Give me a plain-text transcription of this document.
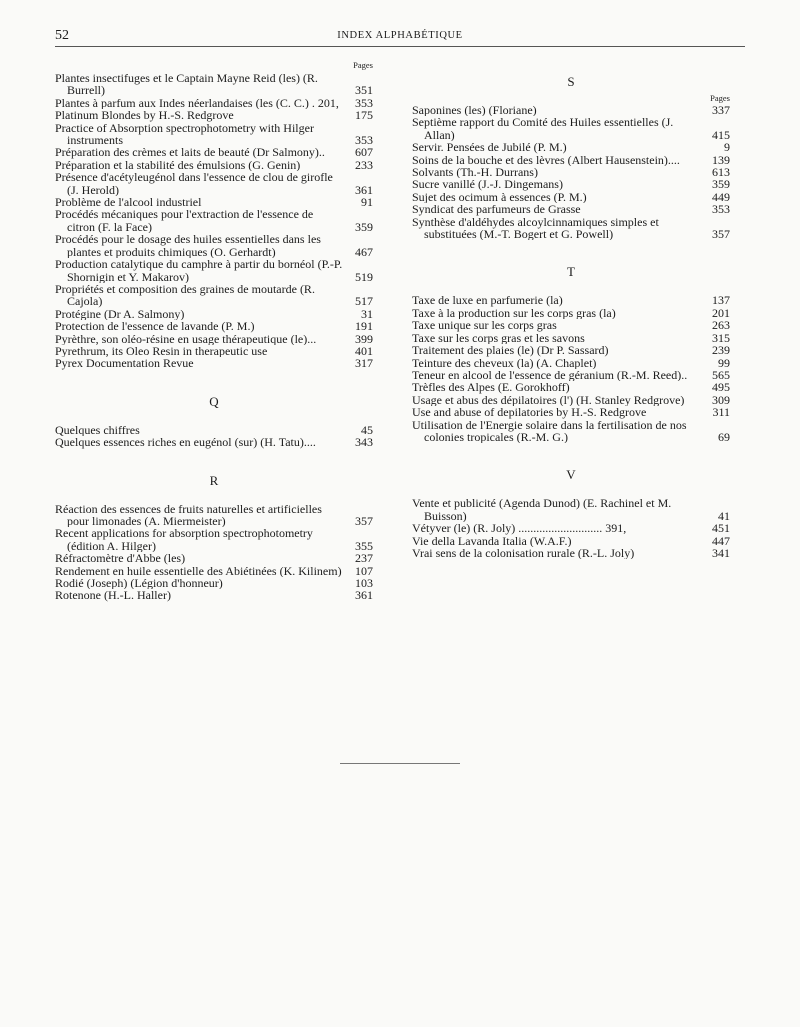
52	INDEX ALPHABÉTIQUE
Pages
Plantes insectifuges et le Captain Mayne Reid (les) (R. Burrell)	351
Plantes à parfum aux Indes néerlandaises (les (C. C.) . 201,	353
Platinum Blondes by H.-S. Redgrove	175
Practice of Absorption spectrophotometry with Hilger instruments	353
Préparation des crèmes et laits de beauté (Dr Salmony)..	607
Préparation et la stabilité des émulsions (G. Genin)	233
Présence d'acétyleugénol dans l'essence de clou de girofle (J. Herold)	361
Problème de l'alcool industriel	91
Procédés mécaniques pour l'extraction de l'essence de citron (F. la Face)	359
Procédés pour le dosage des huiles essentielles dans les plantes et produits chimiques (O. Gerhardt)	467
Production catalytique du camphre à partir du bornéol (P.-P. Shornigin et Y. Makarov)	519
Propriétés et composition des graines de moutarde (R. Cajola)	517
Protégine (Dr A. Salmony)	31
Protection de l'essence de lavande (P. M.)	191
Pyrèthre, son oléo-résine en usage thérapeutique (le)...	399
Pyrethrum, its Oleo Resin in therapeutic use	401
Pyrex Documentation Revue	317
Q
Quelques chiffres	45
Quelques essences riches en eugénol (sur) (H. Tatu)....	343
R
Réaction des essences de fruits naturelles et artificielles pour limonades (A. Miermeister)	357
Recent applications for absorption spectrophotometry (édition A. Hilger)	355
Réfractomètre d'Abbe (les)	237
Rendement en huile essentielle des Abiétinées (K. Kilinem)	107
Rodié (Joseph) (Légion d'honneur)	103
Rotenone (H.-L. Haller)	361
S
Pages
Saponines (les) (Floriane)	337
Septième rapport du Comité des Huiles essentielles (J. Allan)	415
Servir. Pensées de Jubilé (P. M.)	9
Soins de la bouche et des lèvres (Albert Hausenstein)....	139
Solvants (Th.-H. Durrans)	613
Sucre vanillé (J.-J. Dingemans)	359
Sujet des ocimum à essences (P. M.)	449
Syndicat des parfumeurs de Grasse	353
Synthèse d'aldéhydes alcoylcinnamiques simples et substituées (M.-T. Bogert et G. Powell)	357
T
Taxe de luxe en parfumerie (la)	137
Taxe à la production sur les corps gras (la)	201
Taxe unique sur les corps gras	263
Taxe sur les corps gras et les savons	315
Traitement des plaies (le) (Dr P. Sassard)	239
Teinture des cheveux (la) (A. Chaplet)	99
Teneur en alcool de l'essence de géranium (R.-M. Reed)..	565
Trèfles des Alpes (E. Gorokhoff)	495
Usage et abus des dépilatoires (l') (H. Stanley Redgrove)	309
Use and abuse of depilatories by H.-S. Redgrove	311
Utilisation de l'Energie solaire dans la fertilisation de nos colonies tropicales (R.-M. G.)	69
V
Vente et publicité (Agenda Dunod) (E. Rachinel et M. Buisson)	41
Vétyver (le) (R. Joly) ............................ 391,	451
Vie della Lavanda Italia (W.A.F.)	447
Vrai sens de la colonisation rurale (R.-L. Joly)	341
